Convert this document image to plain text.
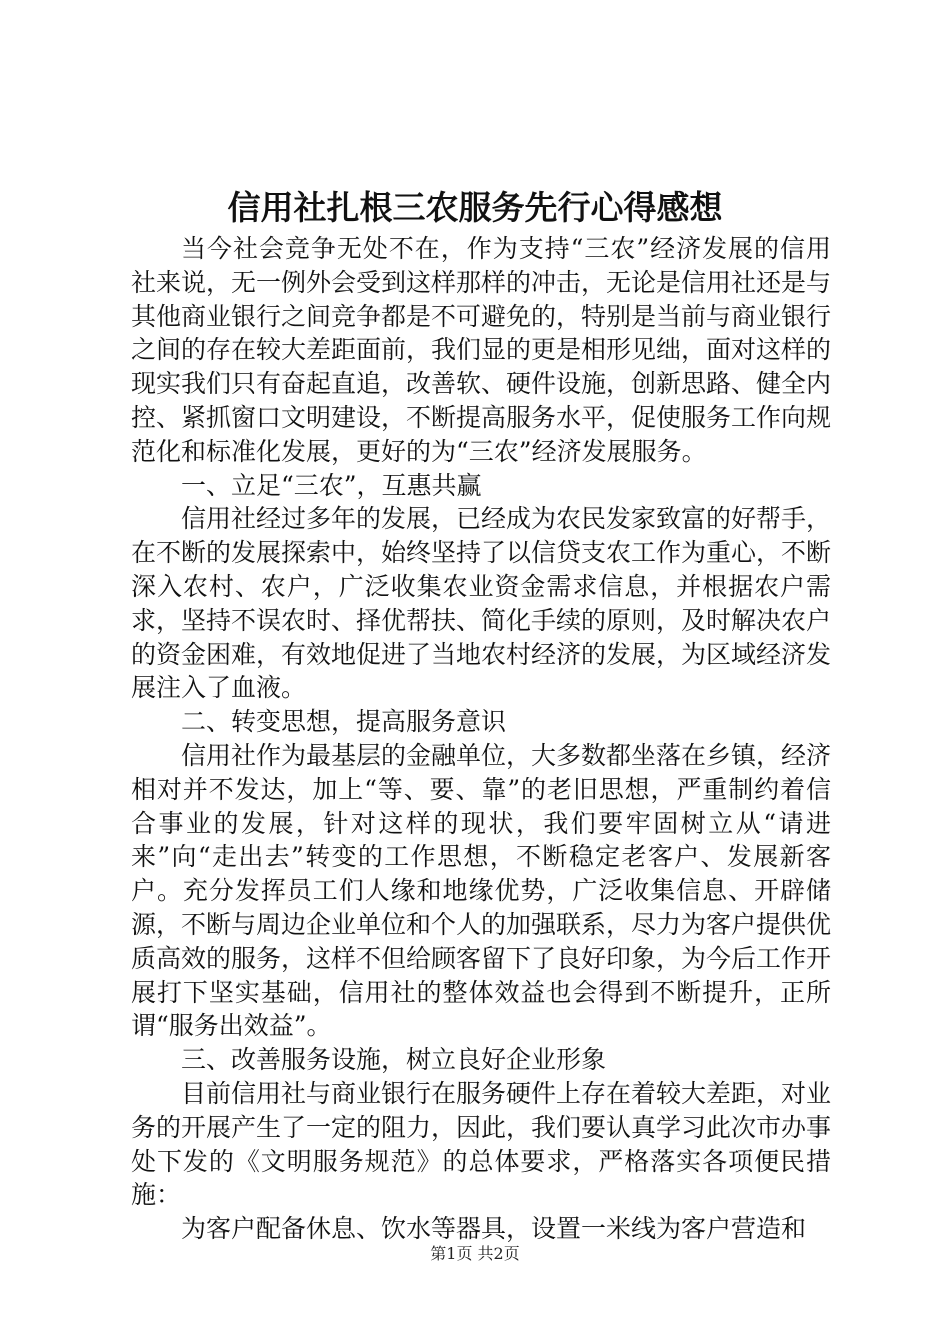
信用社扎根三农服务先行心得感想

当今社会竞争无处不在，作为支持“三农”经济发展的信用社来说，无一例外会受到这样那样的冲击，无论是信用社还是与其他商业银行之间竞争都是不可避免的，特别是当前与商业银行之间的存在较大差距面前，我们显的更是相形见绌，面对这样的现实我们只有奋起直追，改善软、硬件设施，创新思路、健全内控、紧抓窗口文明建设，不断提高服务水平，促使服务工作向规范化和标准化发展，更好的为“三农”经济发展服务。

一、立足“三农”，互惠共赢

信用社经过多年的发展，已经成为农民发家致富的好帮手，在不断的发展探索中，始终坚持了以信贷支农工作为重心，不断深入农村、农户，广泛收集农业资金需求信息，并根据农户需求，坚持不误农时、择优帮扶、简化手续的原则，及时解决农户的资金困难，有效地促进了当地农村经济的发展，为区域经济发展注入了血液。

二、转变思想，提高服务意识

信用社作为最基层的金融单位，大多数都坐落在乡镇，经济相对并不发达，加上“等、要、靠”的老旧思想，严重制约着信合事业的发展，针对这样的现状，我们要牢固树立从“请进来”向“走出去”转变的工作思想，不断稳定老客户、发展新客户。充分发挥员工们人缘和地缘优势，广泛收集信息、开辟储源，不断与周边企业单位和个人的加强联系，尽力为客户提供优质高效的服务，这样不但给顾客留下了良好印象，为今后工作开展打下坚实基础，信用社的整体效益也会得到不断提升，正所谓“服务出效益”。

三、改善服务设施，树立良好企业形象

目前信用社与商业银行在服务硬件上存在着较大差距，对业务的开展产生了一定的阻力，因此，我们要认真学习此次市办事处下发的《文明服务规范》的总体要求，严格落实各项便民措施：

为客户配备休息、饮水等器具，设置一米线为客户营造和

第1页 共2页
